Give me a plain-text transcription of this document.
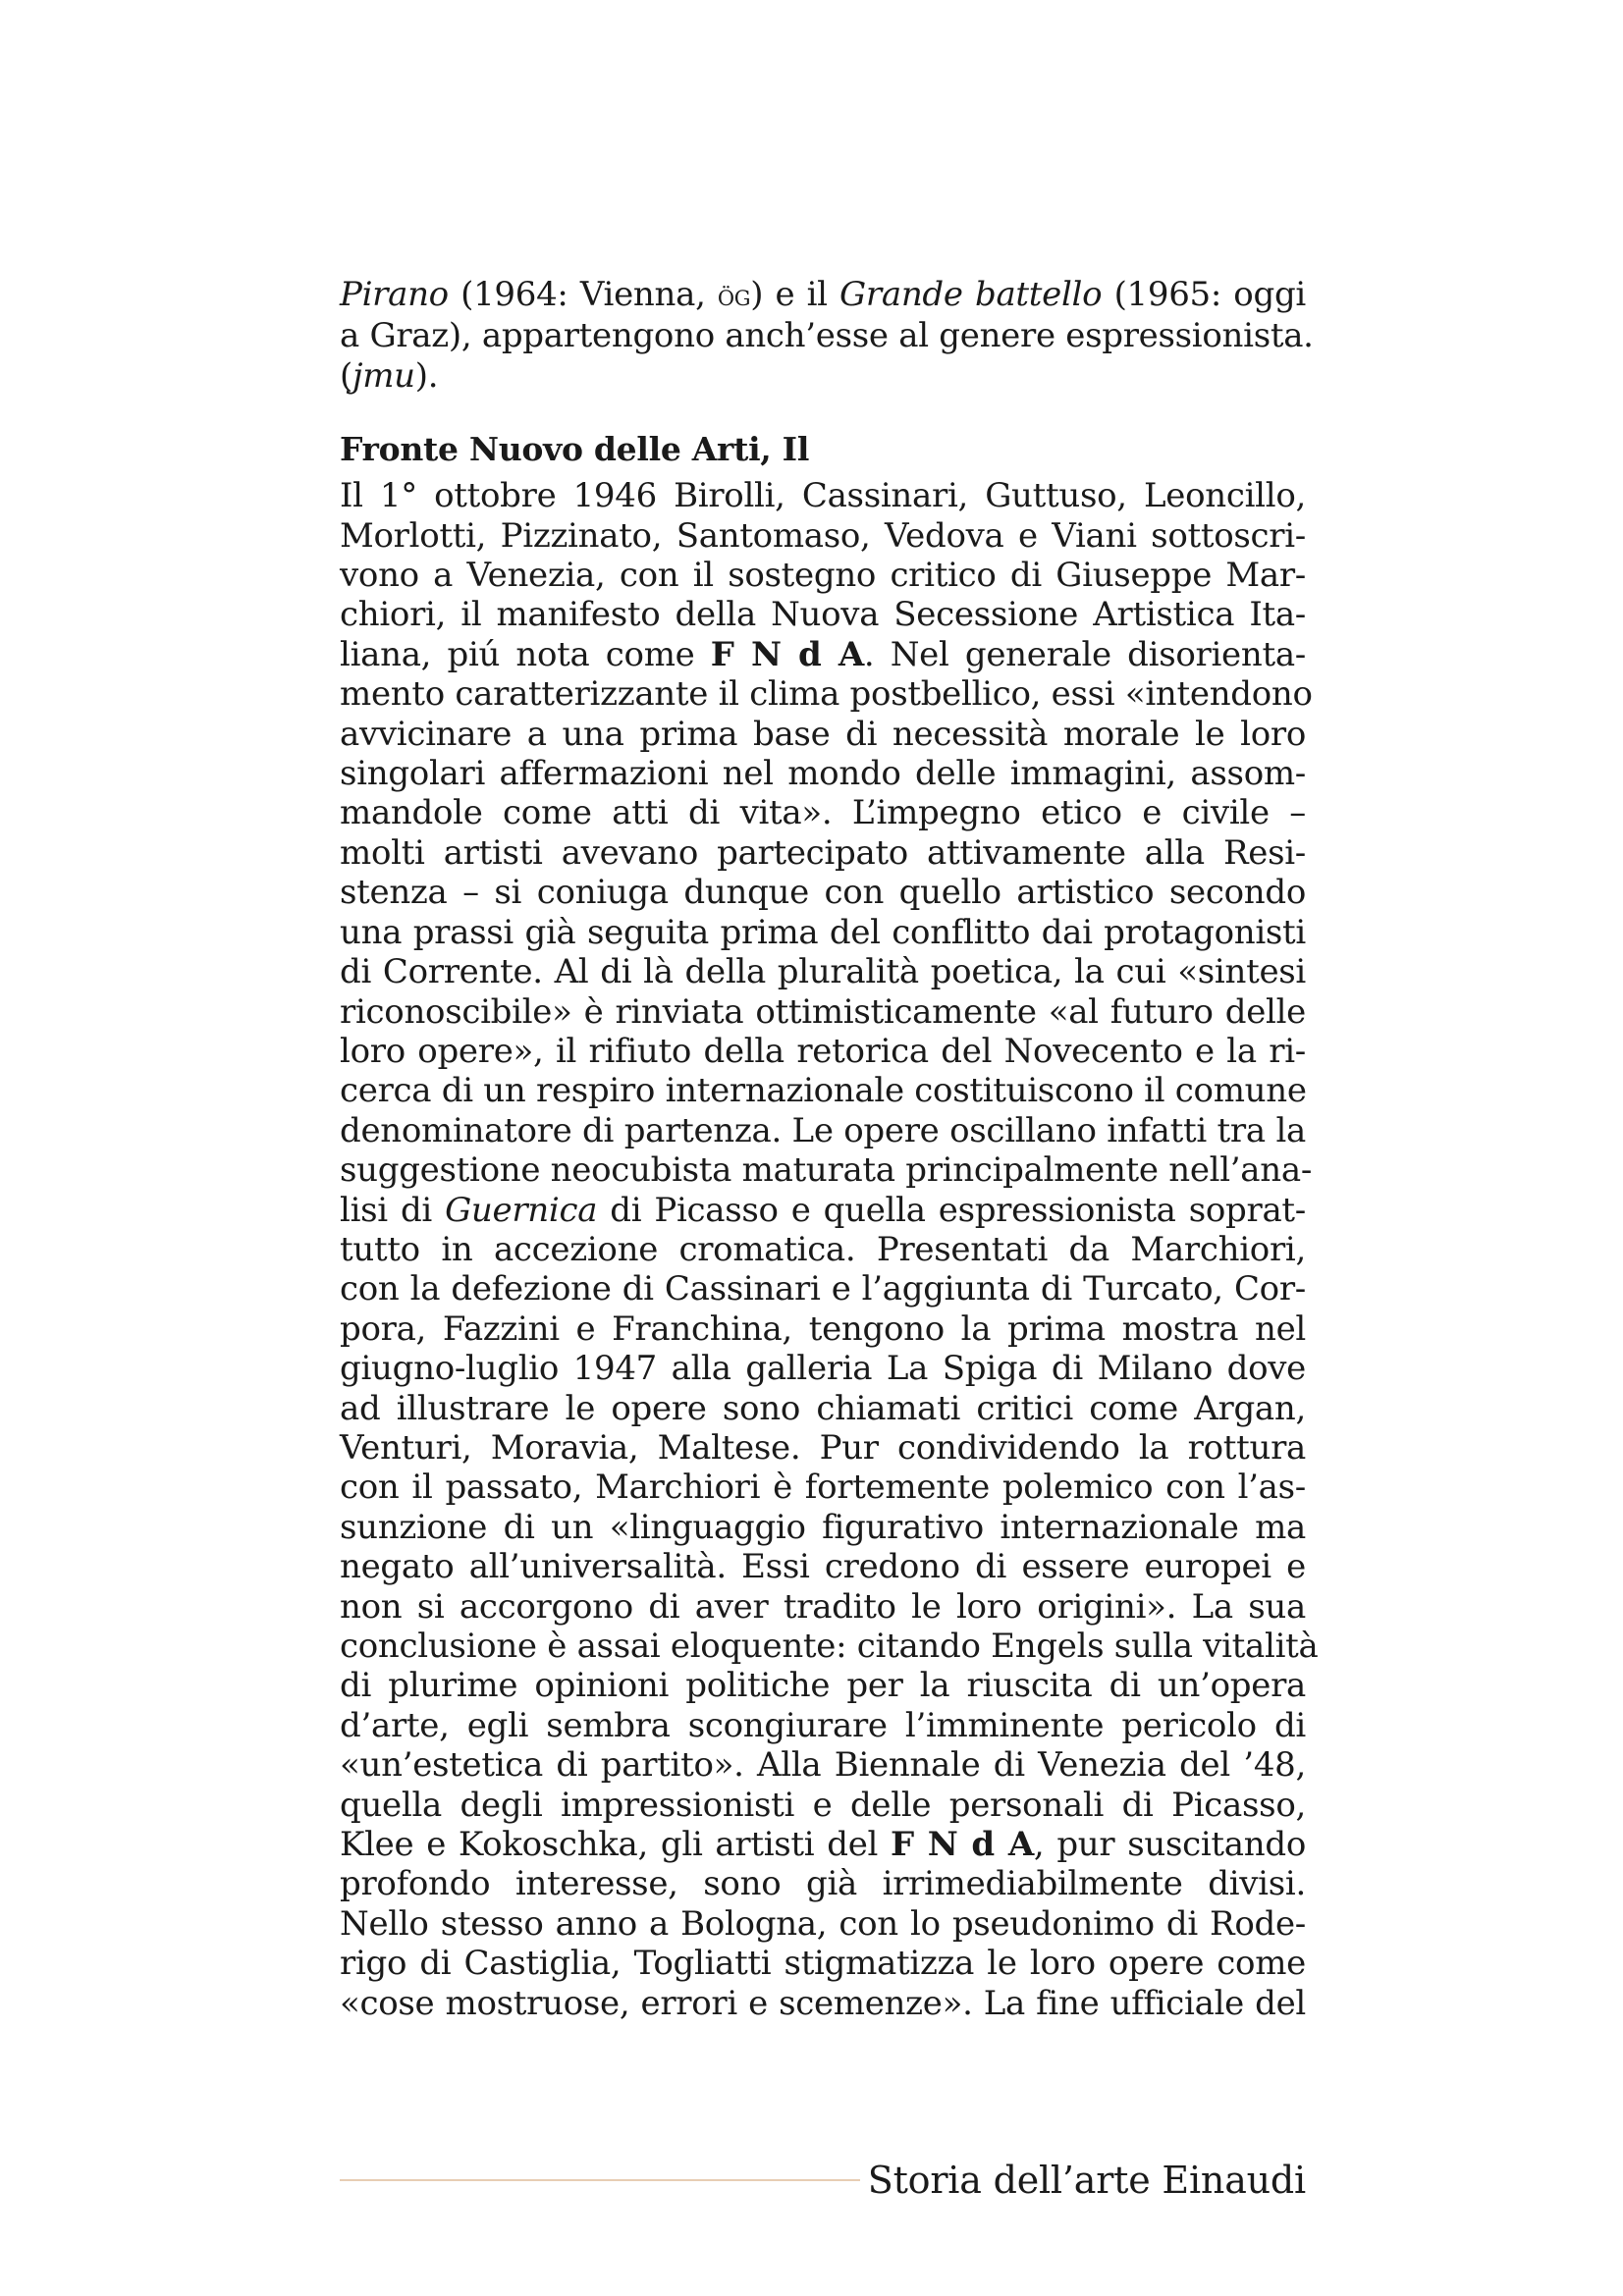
Pirano (1964: Vienna, ög) e il Grande battello (1965: oggi
a Graz), appartengono anch’esse al genere espressionista.
(jmu).
Fronte Nuovo delle Arti, Il
Il 1° ottobre 1946 Birolli, Cassinari, Guttuso, Leoncillo,
Morlotti, Pizzinato, Santomaso, Vedova e Viani sottoscri-
vono a Venezia, con il sostegno critico di Giuseppe Mar-
chiori, il manifesto della Nuova Secessione Artistica Ita-
liana, piú nota come F N d A. Nel generale disorienta-
mento caratterizzante il clima postbellico, essi «intendono
avvicinare a una prima base di necessità morale le loro
singolari affermazioni nel mondo delle immagini, assom-
mandole come atti di vita». L’impegno etico e civile –
molti artisti avevano partecipato attivamente alla Resi-
stenza – si coniuga dunque con quello artistico secondo
una prassi già seguita prima del conflitto dai protagonisti
di Corrente. Al di là della pluralità poetica, la cui «sintesi
riconoscibile» è rinviata ottimisticamente «al futuro delle
loro opere», il rifiuto della retorica del Novecento e la ri-
cerca di un respiro internazionale costituiscono il comune
denominatore di partenza. Le opere oscillano infatti tra la
suggestione neocubista maturata principalmente nell’ana-
lisi di Guernica di Picasso e quella espressionista soprat-
tutto in accezione cromatica. Presentati da Marchiori,
con la defezione di Cassinari e l’aggiunta di Turcato, Cor-
pora, Fazzini e Franchina, tengono la prima mostra nel
giugno-luglio 1947 alla galleria La Spiga di Milano dove
ad illustrare le opere sono chiamati critici come Argan,
Venturi, Moravia, Maltese. Pur condividendo la rottura
con il passato, Marchiori è fortemente polemico con l’as-
sunzione di un «linguaggio figurativo internazionale ma
negato all’universalità. Essi credono di essere europei e
non si accorgono di aver tradito le loro origini». La sua
conclusione è assai eloquente: citando Engels sulla vitalità
di plurime opinioni politiche per la riuscita di un’opera
d’arte, egli sembra scongiurare l’imminente pericolo di
«un’estetica di partito». Alla Biennale di Venezia del ’48,
quella degli impressionisti e delle personali di Picasso,
Klee e Kokoschka, gli artisti del F N d A, pur suscitando
profondo interesse, sono già irrimediabilmente divisi.
Nello stesso anno a Bologna, con lo pseudonimo di Rode-
rigo di Castiglia, Togliatti stigmatizza le loro opere come
«cose mostruose, errori e scemenze». La fine ufficiale del
Storia dell’arte Einaudi
